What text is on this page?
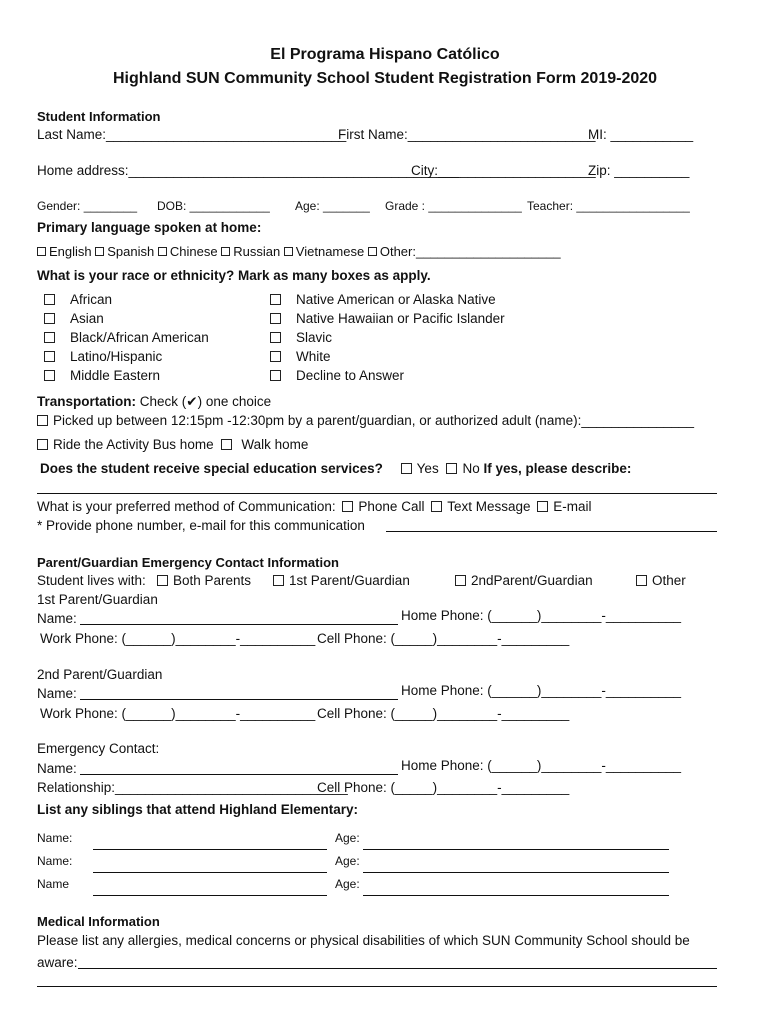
El Programa Hispano Católico
Highland SUN Community School Student Registration Form 2019-2020
Student Information
Last Name:________________________________
First Name:_________________________
MI: ___________
Home address:____________________________________________
City:_____________________
Zip: __________
Gender: ________ DOB: ____________ Age: _______ Grade : ______________ Teacher: _________________
Primary language spoken at home:
English Spanish Chinese Russian Vietnamese Other:____________________
What is your race or ethnicity? Mark as many boxes as apply.
African
Asian
Black/African American
Latino/Hispanic
Middle Eastern
Native American or Alaska Native
Native Hawaiian or Pacific Islander
Slavic
White
Decline to Answer
Transportation: Check (✔) one choice
Picked up between 12:15pm -12:30pm by a parent/guardian, or authorized adult (name):_______________
Ride the Activity Bus home Walk home
Does the student receive special education services?	Yes No If yes, please describe:
What is your preferred method of Communication: Phone Call Text Message E-mail
* Provide phone number, e-mail for this communication
Parent/Guardian Emergency Contact Information
Student lives with:	Both Parents	1st Parent/Guardian	2ndParent/Guardian	Other
1st Parent/Guardian
Name:	Home Phone: (______)________-__________
Work Phone: (______)________-__________ Cell Phone: (_____)________-_________
2nd Parent/Guardian
Name:	Home Phone: (______)________-__________
Work Phone: (______)________-__________ Cell Phone: (_____)________-_________
Emergency Contact:
Name:	Home Phone: (______)________-__________
Relationship:_______________________________
Cell Phone: (_____)________-_________
List any siblings that attend Highland Elementary:
Name:	Age:
Name:	Age:
Name	Age:
Medical Information
Please list any allergies, medical concerns or physical disabilities of which SUN Community School should be
aware:
